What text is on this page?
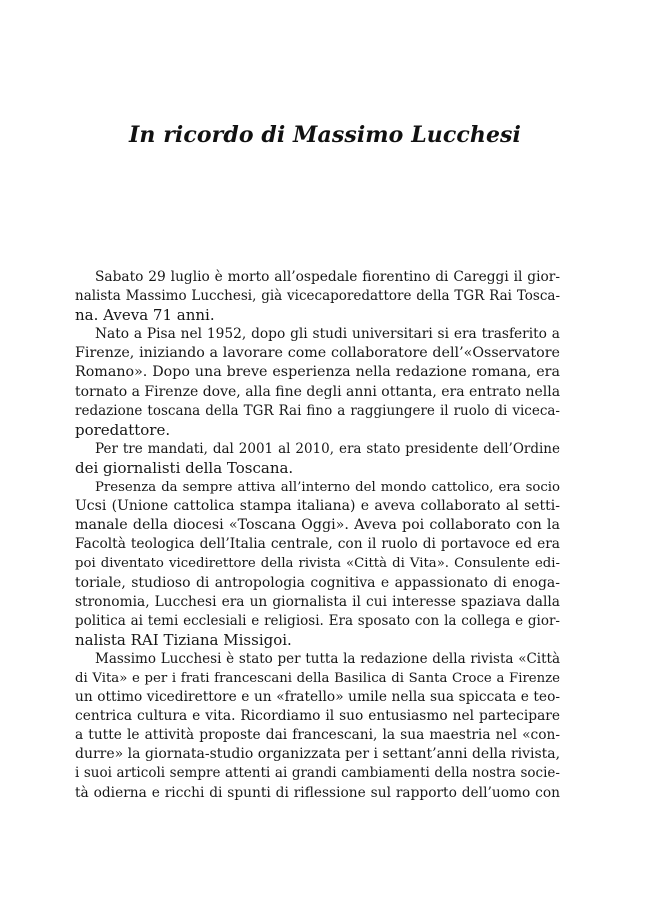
In ricordo di Massimo Lucchesi
Sabato 29 luglio è morto all’ospedale fiorentino di Careggi il gior-
nalista Massimo Lucchesi, già vicecaporedattore della TGR Rai Tosca-
na. Aveva 71 anni.
Nato a Pisa nel 1952, dopo gli studi universitari si era trasferito a
Firenze, iniziando a lavorare come collaboratore dell’«Osservatore
Romano». Dopo una breve esperienza nella redazione romana, era
tornato a Firenze dove, alla fine degli anni ottanta, era entrato nella
redazione toscana della TGR Rai fino a raggiungere il ruolo di viceca-
poredattore.
Per tre mandati, dal 2001 al 2010, era stato presidente dell’Ordine
dei giornalisti della Toscana.
Presenza da sempre attiva all’interno del mondo cattolico, era socio
Ucsi (Unione cattolica stampa italiana) e aveva collaborato al setti-
manale della diocesi «Toscana Oggi». Aveva poi collaborato con la
Facoltà teologica dell’Italia centrale, con il ruolo di portavoce ed era
poi diventato vicedirettore della rivista «Città di Vita». Consulente edi-
toriale, studioso di antropologia cognitiva e appassionato di enoga-
stronomia, Lucchesi era un giornalista il cui interesse spaziava dalla
politica ai temi ecclesiali e religiosi. Era sposato con la collega e gior-
nalista RAI Tiziana Missigoi.
Massimo Lucchesi è stato per tutta la redazione della rivista «Città
di Vita» e per i frati francescani della Basilica di Santa Croce a Firenze
un ottimo vicedirettore e un «fratello» umile nella sua spiccata e teo-
centrica cultura e vita. Ricordiamo il suo entusiasmo nel partecipare
a tutte le attività proposte dai francescani, la sua maestria nel «con-
durre» la giornata-studio organizzata per i settant’anni della rivista,
i suoi articoli sempre attenti ai grandi cambiamenti della nostra socie-
tà odierna e ricchi di spunti di riflessione sul rapporto dell’uomo con
